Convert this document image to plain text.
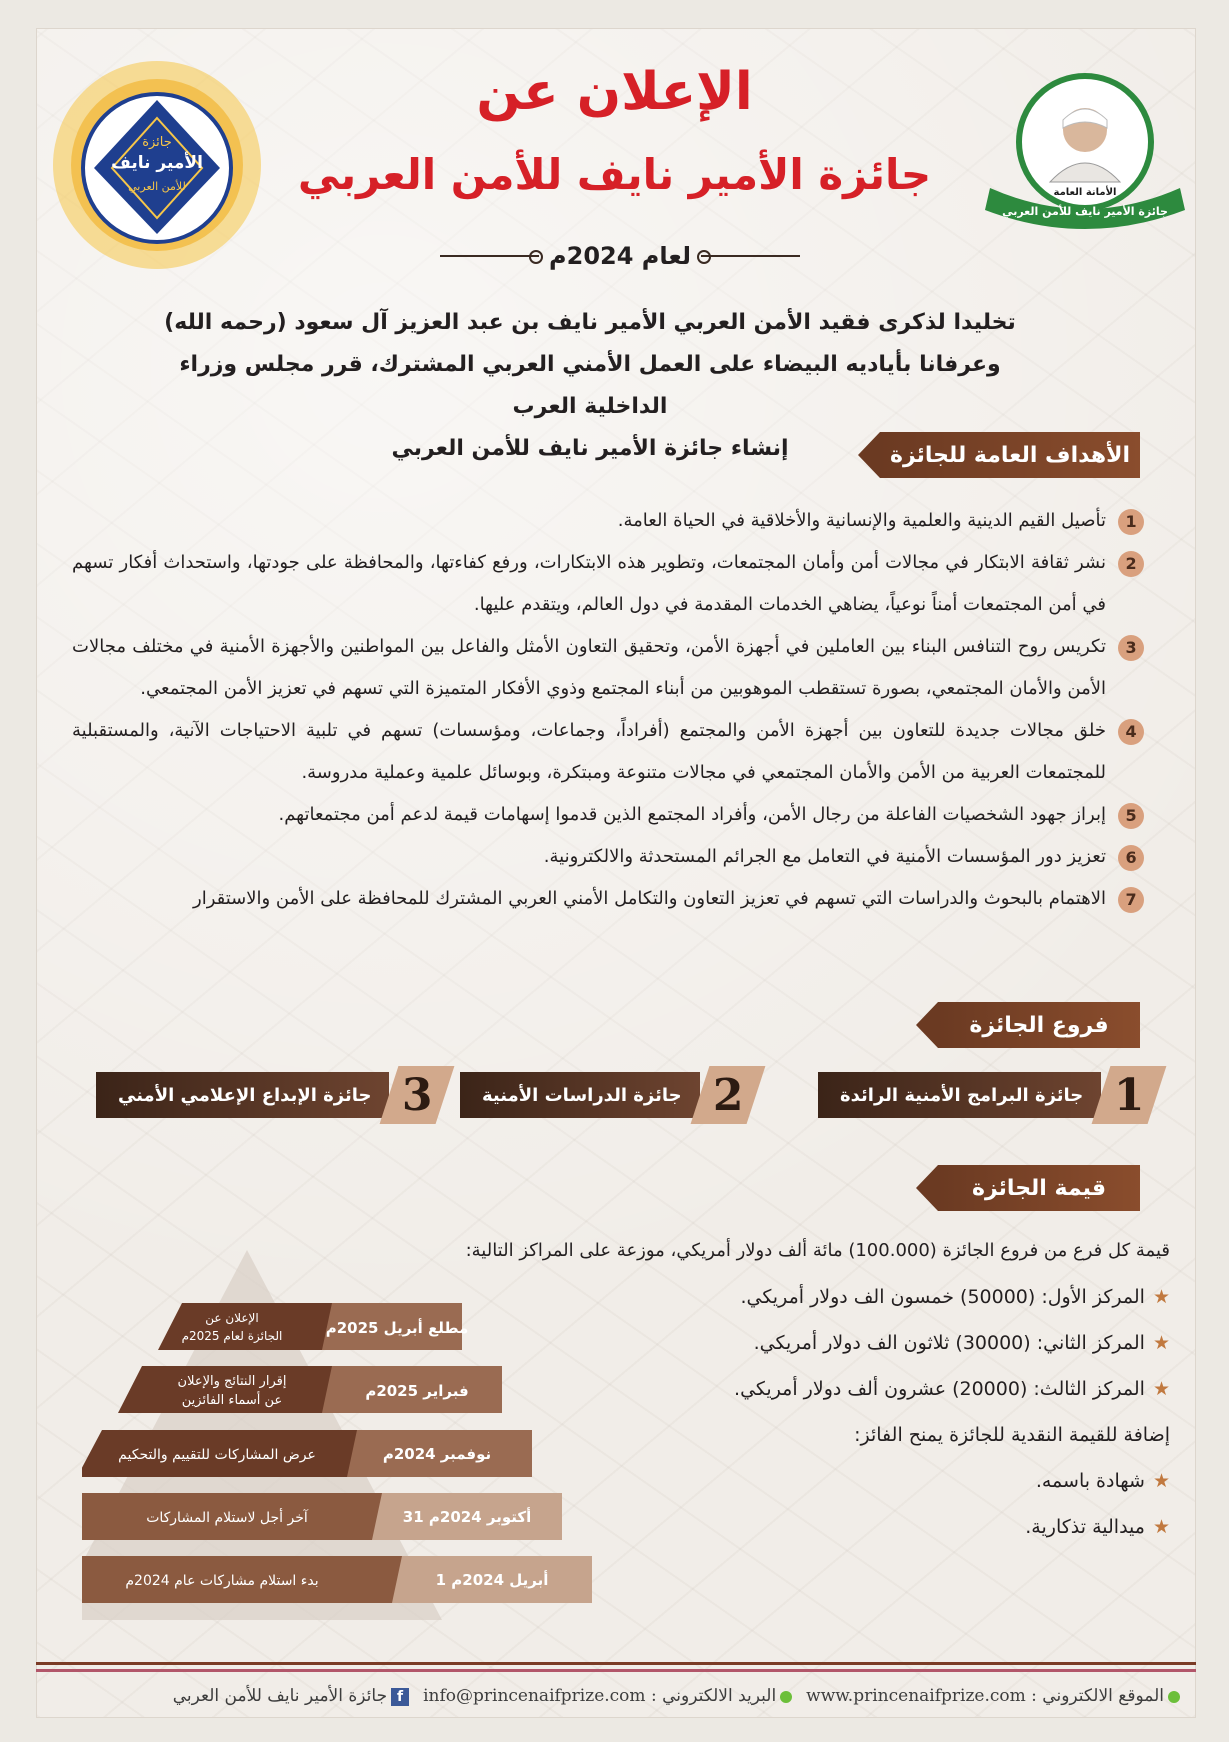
جائزة
الأمير نايف
للأمن العربي
جائزة الأمير نايف للأمن العربي
الأمانة العامة
الإعلان عن
جائزة الأمير نايف للأمن العربي
لعام 2024م
تخليدا لذكرى فقيد الأمن العربي الأمير نايف بن عبد العزيز آل سعود (رحمه الله)
وعرفانا بأياديه البيضاء على العمل الأمني العربي المشترك، قرر مجلس وزراء الداخلية العرب
إنشاء جائزة الأمير نايف للأمن العربي	الأهداف العامة للجائزة
1
تأصيل القيم الدينية والعلمية والإنسانية والأخلاقية في الحياة العامة.
2
نشر ثقافة الابتكار في مجالات أمن وأمان المجتمعات، وتطوير هذه الابتكارات، ورفع كفاءتها، والمحافظة على جودتها، واستحداث أفكار تسهم في أمن المجتمعات أمناً نوعياً، يضاهي الخدمات المقدمة في دول العالم، ويتقدم عليها.
3
تكريس روح التنافس البناء بين العاملين في أجهزة الأمن، وتحقيق التعاون الأمثل والفاعل بين المواطنين والأجهزة الأمنية في مختلف مجالات الأمن والأمان المجتمعي، بصورة تستقطب الموهوبين من أبناء المجتمع وذوي الأفكار المتميزة التي تسهم في تعزيز الأمن المجتمعي.
4
خلق مجالات جديدة للتعاون بين أجهزة الأمن والمجتمع (أفراداً، وجماعات، ومؤسسات) تسهم في تلبية الاحتياجات الآنية، والمستقبلية للمجتمعات العربية من الأمن والأمان المجتمعي في مجالات متنوعة ومبتكرة، وبوسائل علمية وعملية مدروسة.
5
إبراز جهود الشخصيات الفاعلة من رجال الأمن، وأفراد المجتمع الذين قدموا إسهامات قيمة لدعم أمن مجتمعاتهم.
6
تعزيز دور المؤسسات الأمنية في التعامل مع الجرائم المستحدثة والالكترونية.
7
الاهتمام بالبحوث والدراسات التي تسهم في تعزيز التعاون والتكامل الأمني العربي المشترك للمحافظة على الأمن والاستقرار
فروع الجائزة
1
جائزة البرامج الأمنية الرائدة
2
جائزة الدراسات الأمنية
3
جائزة الإبداع الإعلامي الأمني
قيمة الجائزة
قيمة كل فرع من فروع الجائزة (100.000) مائة ألف دولار أمريكي، موزعة على المراكز التالية:
★المركز الأول: (50000) خمسون الف دولار أمريكي.
★المركز الثاني: (30000) ثلاثون الف دولار أمريكي.
★المركز الثالث: (20000) عشرون ألف دولار أمريكي.
إضافة للقيمة النقدية للجائزة يمنح الفائز:
★شهادة باسمه.
★ميدالية تذكارية.
الإعلان عن
الجائزة لعام 2025م	مطلع أبريل 2025م
إقرار النتائج والإعلان
عن أسماء الفائزين
فبراير 2025م
عرض المشاركات للتقييم والتحكيم	نوفمبر 2024م
آخر أجل لاستلام المشاركات	31 أكتوبر 2024م
بدء استلام مشاركات عام 2024م	1 أبريل 2024م
الموقع الالكتروني : www.princenaifprize.com
البريد الالكتروني : info@princenaifprize.com
fجائزة الأمير نايف للأمن العربي
